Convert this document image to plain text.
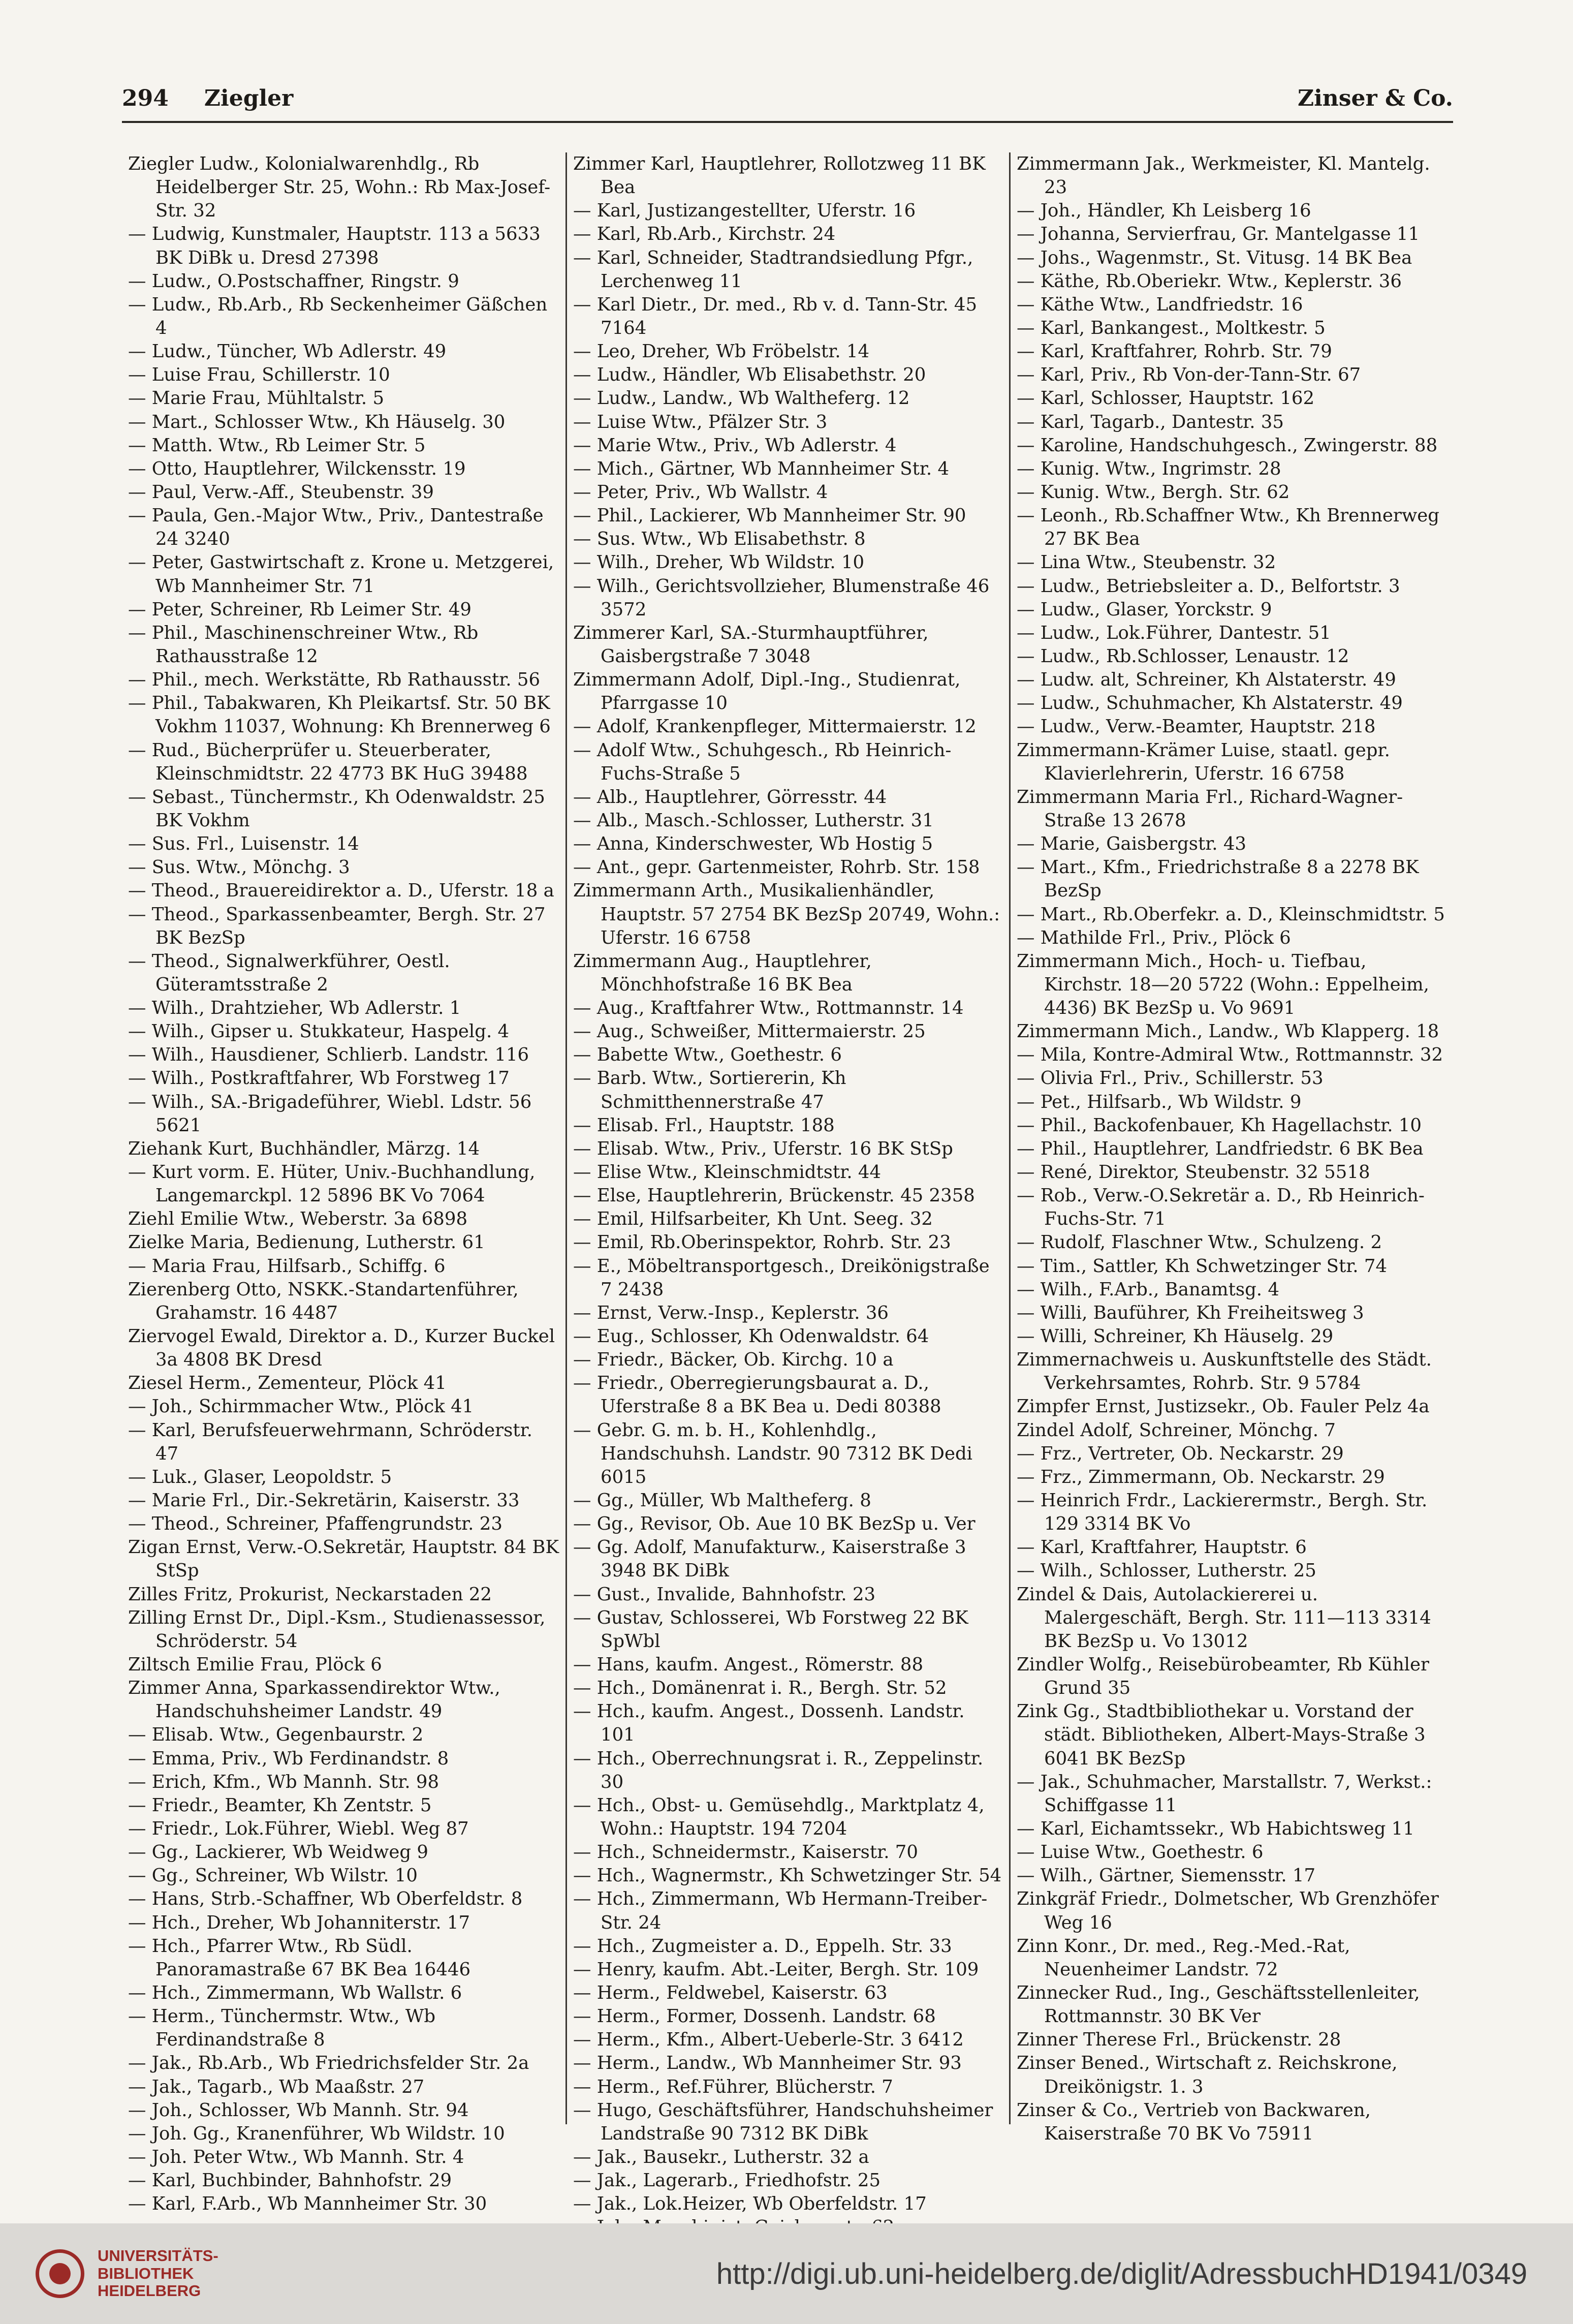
294 Ziegler	Zinser & Co.
Ziegler Ludw., Kolonialwarenhdlg., Rb Heidelberger Str. 25, Wohn.: Rb Max-Josef-Str. 32
— Ludwig, Kunstmaler, Hauptstr. 113 a 5633 BK DiBk u. Dresd 27398
— Ludw., O.Postschaffner, Ringstr. 9
— Ludw., Rb.Arb., Rb Seckenheimer Gäßchen 4
— Ludw., Tüncher, Wb Adlerstr. 49
— Luise Frau, Schillerstr. 10
— Marie Frau, Mühltalstr. 5
— Mart., Schlosser Wtw., Kh Häuselg. 30
— Matth. Wtw., Rb Leimer Str. 5
— Otto, Hauptlehrer, Wilckensstr. 19
— Paul, Verw.-Aff., Steubenstr. 39
— Paula, Gen.-Major Wtw., Priv., Dantestraße 24 3240
— Peter, Gastwirtschaft z. Krone u. Metzgerei, Wb Mannheimer Str. 71
— Peter, Schreiner, Rb Leimer Str. 49
— Phil., Maschinenschreiner Wtw., Rb Rathausstraße 12
— Phil., mech. Werkstätte, Rb Rathausstr. 56
— Phil., Tabakwaren, Kh Pleikartsf. Str. 50 BK Vokhm 11037, Wohnung: Kh Brennerweg 6
— Rud., Bücherprüfer u. Steuerberater, Kleinschmidtstr. 22 4773 BK HuG 39488
— Sebast., Tünchermstr., Kh Odenwaldstr. 25 BK Vokhm
— Sus. Frl., Luisenstr. 14
— Sus. Wtw., Mönchg. 3
— Theod., Brauereidirektor a. D., Uferstr. 18 a
— Theod., Sparkassenbeamter, Bergh. Str. 27 BK BezSp
— Theod., Signalwerkführer, Oestl. Güteramtsstraße 2
— Wilh., Drahtzieher, Wb Adlerstr. 1
— Wilh., Gipser u. Stukkateur, Haspelg. 4
— Wilh., Hausdiener, Schlierb. Landstr. 116
— Wilh., Postkraftfahrer, Wb Forstweg 17
— Wilh., SA.-Brigadeführer, Wiebl. Ldstr. 56 5621
Ziehank Kurt, Buchhändler, Märzg. 14
— Kurt vorm. E. Hüter, Univ.-Buchhandlung, Langemarckpl. 12 5896 BK Vo 7064
Ziehl Emilie Wtw., Weberstr. 3a 6898
Zielke Maria, Bedienung, Lutherstr. 61
— Maria Frau, Hilfsarb., Schiffg. 6
Zierenberg Otto, NSKK.-Standartenführer, Grahamstr. 16 4487
Ziervogel Ewald, Direktor a. D., Kurzer Buckel 3a 4808 BK Dresd
Ziesel Herm., Zementeur, Plöck 41
— Joh., Schirmmacher Wtw., Plöck 41
— Karl, Berufsfeuerwehrmann, Schröderstr. 47
— Luk., Glaser, Leopoldstr. 5
— Marie Frl., Dir.-Sekretärin, Kaiserstr. 33
— Theod., Schreiner, Pfaffengrundstr. 23
Zigan Ernst, Verw.-O.Sekretär, Hauptstr. 84 BK StSp
Zilles Fritz, Prokurist, Neckarstaden 22
Zilling Ernst Dr., Dipl.-Ksm., Studienassessor, Schröderstr. 54
Ziltsch Emilie Frau, Plöck 6
Zimmer Anna, Sparkassendirektor Wtw., Handschuhsheimer Landstr. 49
— Elisab. Wtw., Gegenbaurstr. 2
— Emma, Priv., Wb Ferdinandstr. 8
— Erich, Kfm., Wb Mannh. Str. 98
— Friedr., Beamter, Kh Zentstr. 5
— Friedr., Lok.Führer, Wiebl. Weg 87
— Gg., Lackierer, Wb Weidweg 9
— Gg., Schreiner, Wb Wilstr. 10
— Hans, Strb.-Schaffner, Wb Oberfeldstr. 8
— Hch., Dreher, Wb Johanniterstr. 17
— Hch., Pfarrer Wtw., Rb Südl. Panoramastraße 67 BK Bea 16446
— Hch., Zimmermann, Wb Wallstr. 6
— Herm., Tünchermstr. Wtw., Wb Ferdinandstraße 8
— Jak., Rb.Arb., Wb Friedrichsfelder Str. 2a
— Jak., Tagarb., Wb Maaßstr. 27
— Joh., Schlosser, Wb Mannh. Str. 94
— Joh. Gg., Kranenführer, Wb Wildstr. 10
— Joh. Peter Wtw., Wb Mannh. Str. 4
— Karl, Buchbinder, Bahnhofstr. 29
— Karl, F.Arb., Wb Mannheimer Str. 30
Zimmer Karl, Hauptlehrer, Rollotzweg 11 BK Bea
— Karl, Justizangestellter, Uferstr. 16
— Karl, Rb.Arb., Kirchstr. 24
— Karl, Schneider, Stadtrandsiedlung Pfgr., Lerchenweg 11
— Karl Dietr., Dr. med., Rb v. d. Tann-Str. 45 7164
— Leo, Dreher, Wb Fröbelstr. 14
— Ludw., Händler, Wb Elisabethstr. 20
— Ludw., Landw., Wb Waltheferg. 12
— Luise Wtw., Pfälzer Str. 3
— Marie Wtw., Priv., Wb Adlerstr. 4
— Mich., Gärtner, Wb Mannheimer Str. 4
— Peter, Priv., Wb Wallstr. 4
— Phil., Lackierer, Wb Mannheimer Str. 90
— Sus. Wtw., Wb Elisabethstr. 8
— Wilh., Dreher, Wb Wildstr. 10
— Wilh., Gerichtsvollzieher, Blumenstraße 46 3572
Zimmerer Karl, SA.-Sturmhauptführer, Gaisbergstraße 7 3048
Zimmermann Adolf, Dipl.-Ing., Studienrat, Pfarrgasse 10
— Adolf, Krankenpfleger, Mittermaierstr. 12
— Adolf Wtw., Schuhgesch., Rb Heinrich-Fuchs-Straße 5
— Alb., Hauptlehrer, Görresstr. 44
— Alb., Masch.-Schlosser, Lutherstr. 31
— Anna, Kinderschwester, Wb Hostig 5
— Ant., gepr. Gartenmeister, Rohrb. Str. 158
Zimmermann Arth., Musikalienhändler, Hauptstr. 57 2754 BK BezSp 20749, Wohn.: Uferstr. 16 6758
Zimmermann Aug., Hauptlehrer, Mönchhofstraße 16 BK Bea
— Aug., Kraftfahrer Wtw., Rottmannstr. 14
— Aug., Schweißer, Mittermaierstr. 25
— Babette Wtw., Goethestr. 6
— Barb. Wtw., Sortiererin, Kh Schmitthennerstraße 47
— Elisab. Frl., Hauptstr. 188
— Elisab. Wtw., Priv., Uferstr. 16 BK StSp
— Elise Wtw., Kleinschmidtstr. 44
— Else, Hauptlehrerin, Brückenstr. 45 2358
— Emil, Hilfsarbeiter, Kh Unt. Seeg. 32
— Emil, Rb.Oberinspektor, Rohrb. Str. 23
— E., Möbeltransportgesch., Dreikönigstraße 7 2438
— Ernst, Verw.-Insp., Keplerstr. 36
— Eug., Schlosser, Kh Odenwaldstr. 64
— Friedr., Bäcker, Ob. Kirchg. 10 a
— Friedr., Oberregierungsbaurat a. D., Uferstraße 8 a BK Bea u. Dedi 80388
— Gebr. G. m. b. H., Kohlenhdlg., Handschuhsh. Landstr. 90 7312 BK Dedi 6015
— Gg., Müller, Wb Maltheferg. 8
— Gg., Revisor, Ob. Aue 10 BK BezSp u. Ver
— Gg. Adolf, Manufakturw., Kaiserstraße 3 3948 BK DiBk
— Gust., Invalide, Bahnhofstr. 23
— Gustav, Schlosserei, Wb Forstweg 22 BK SpWbl
— Hans, kaufm. Angest., Römerstr. 88
— Hch., Domänenrat i. R., Bergh. Str. 52
— Hch., kaufm. Angest., Dossenh. Landstr. 101
— Hch., Oberrechnungsrat i. R., Zeppelinstr. 30
— Hch., Obst- u. Gemüsehdlg., Marktplatz 4, Wohn.: Hauptstr. 194 7204
— Hch., Schneidermstr., Kaiserstr. 70
— Hch., Wagnermstr., Kh Schwetzinger Str. 54
— Hch., Zimmermann, Wb Hermann-Treiber-Str. 24
— Hch., Zugmeister a. D., Eppelh. Str. 33
— Henry, kaufm. Abt.-Leiter, Bergh. Str. 109
— Herm., Feldwebel, Kaiserstr. 63
— Herm., Former, Dossenh. Landstr. 68
— Herm., Kfm., Albert-Ueberle-Str. 3 6412
— Herm., Landw., Wb Mannheimer Str. 93
— Herm., Ref.Führer, Blücherstr. 7
— Hugo, Geschäftsführer, Handschuhsheimer Landstraße 90 7312 BK DiBk
— Jak., Bausekr., Lutherstr. 32 a
— Jak., Lagerarb., Friedhofstr. 25
— Jak., Lok.Heizer, Wb Oberfeldstr. 17
Zimmermann Jak., Werkmeister, Kl. Mantelg. 23
— Joh., Händler, Kh Leisberg 16
— Johanna, Servierfrau, Gr. Mantelgasse 11
— Johs., Wagenmstr., St. Vitusg. 14 BK Bea
— Käthe, Rb.Oberiekr. Wtw., Keplerstr. 36
— Käthe Wtw., Landfriedstr. 16
— Karl, Bankangest., Moltkestr. 5
— Karl, Kraftfahrer, Rohrb. Str. 79
— Karl, Priv., Rb Von-der-Tann-Str. 67
— Karl, Schlosser, Hauptstr. 162
— Karl, Tagarb., Dantestr. 35
— Karoline, Handschuhgesch., Zwingerstr. 88
— Kunig. Wtw., Ingrimstr. 28
— Kunig. Wtw., Bergh. Str. 62
— Leonh., Rb.Schaffner Wtw., Kh Brennerweg 27 BK Bea
— Lina Wtw., Steubenstr. 32
— Ludw., Betriebsleiter a. D., Belfortstr. 3
— Ludw., Glaser, Yorckstr. 9
— Ludw., Lok.Führer, Dantestr. 51
— Ludw., Rb.Schlosser, Lenaustr. 12
— Ludw. alt, Schreiner, Kh Alstaterstr. 49
— Ludw., Schuhmacher, Kh Alstaterstr. 49
— Ludw., Verw.-Beamter, Hauptstr. 218
Zimmermann-Krämer Luise, staatl. gepr. Klavierlehrerin, Uferstr. 16 6758
Zimmermann Maria Frl., Richard-Wagner-Straße 13 2678
— Marie, Gaisbergstr. 43
— Mart., Kfm., Friedrichstraße 8 a 2278 BK BezSp
— Mart., Rb.Oberfekr. a. D., Kleinschmidtstr. 5
— Mathilde Frl., Priv., Plöck 6
Zimmermann Mich., Hoch- u. Tiefbau, Kirchstr. 18—20 5722 (Wohn.: Eppelheim, 4436) BK BezSp u. Vo 9691
Zimmermann Mich., Landw., Wb Klapperg. 18
— Mila, Kontre-Admiral Wtw., Rottmannstr. 32
— Olivia Frl., Priv., Schillerstr. 53
— Pet., Hilfsarb., Wb Wildstr. 9
— Phil., Backofenbauer, Kh Hagellachstr. 10
— Phil., Hauptlehrer, Landfriedstr. 6 BK Bea
— René, Direktor, Steubenstr. 32 5518
— Rob., Verw.-O.Sekretär a. D., Rb Heinrich-Fuchs-Str. 71
— Rudolf, Flaschner Wtw., Schulzeng. 2
— Tim., Sattler, Kh Schwetzinger Str. 74
— Wilh., F.Arb., Banamtsg. 4
— Willi, Bauführer, Kh Freiheitsweg 3
— Willi, Schreiner, Kh Häuselg. 29
Zimmernachweis u. Auskunftstelle des Städt. Verkehrsamtes, Rohrb. Str. 9 5784
Zimpfer Ernst, Justizsekr., Ob. Fauler Pelz 4a
Zindel Adolf, Schreiner, Mönchg. 7
— Frz., Vertreter, Ob. Neckarstr. 29
— Frz., Zimmermann, Ob. Neckarstr. 29
— Heinrich Frdr., Lackierermstr., Bergh. Str. 129 3314 BK Vo
— Karl, Kraftfahrer, Hauptstr. 6
— Wilh., Schlosser, Lutherstr. 25
Zindel & Dais, Autolackiererei u. Malergeschäft, Bergh. Str. 111—113 3314 BK BezSp u. Vo 13012
Zindler Wolfg., Reisebürobeamter, Rb Kühler Grund 35
Zink Gg., Stadtbibliothekar u. Vorstand der städt. Bibliotheken, Albert-Mays-Straße 3 6041 BK BezSp
— Jak., Schuhmacher, Marstallstr. 7, Werkst.: Schiffgasse 11
— Karl, Eichamtssekr., Wb Habichtsweg 11
— Luise Wtw., Goethestr. 6
— Wilh., Gärtner, Siemensstr. 17
Zinkgräf Friedr., Dolmetscher, Wb Grenzhöfer Weg 16
Zinn Konr., Dr. med., Reg.-Med.-Rat, Neuenheimer Landstr. 72
Zinnecker Rud., Ing., Geschäftsstellenleiter, Rottmannstr. 30 BK Ver
Zinner Therese Frl., Brückenstr. 28
Zinser Bened., Wirtschaft z. Reichskrone, Dreikönigstr. 1. 3
Zinser & Co., Vertrieb von Backwaren, Kaiserstraße 70 BK Vo 75911
UNIVERSITÄTS-
BIBLIOTHEK
HEIDELBERG
http://digi.ub.uni-heidelberg.de/diglit/AdressbuchHD1941/0349
